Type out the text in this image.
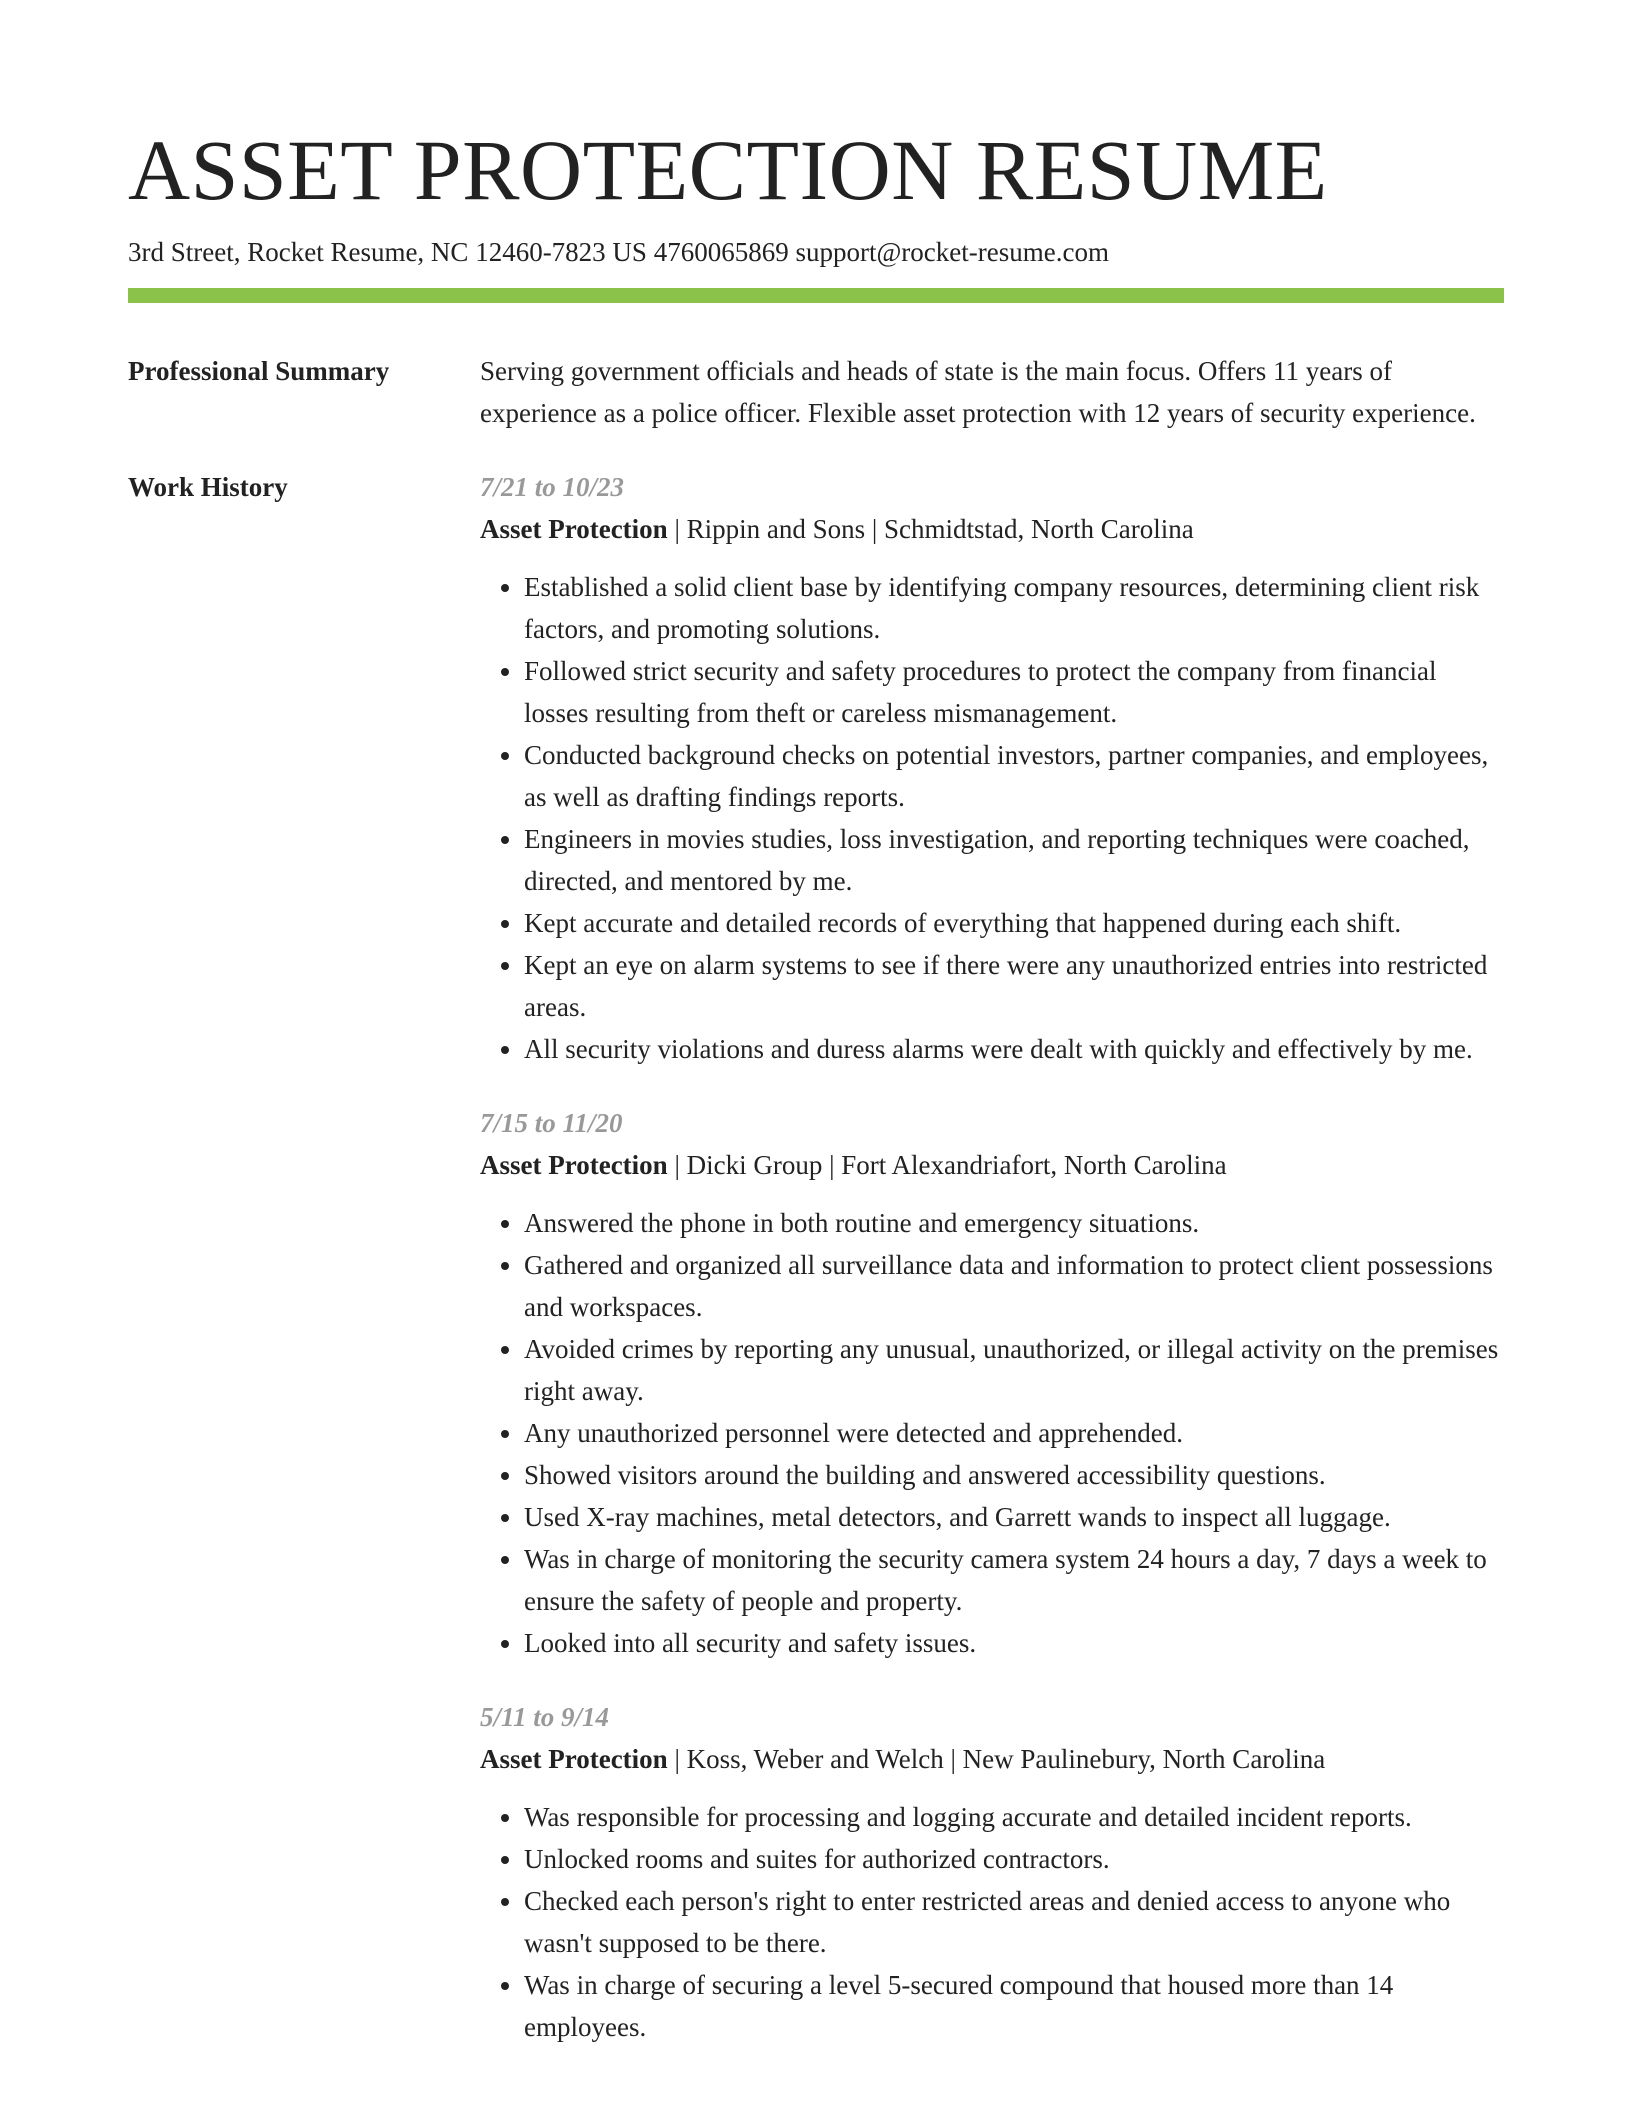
ASSET PROTECTION RESUME
3rd Street, Rocket Resume, NC 12460-7823 US 4760065869 support@rocket-resume.com
Professional Summary	Serving government officials and heads of state is the main focus. Offers 11 years of experience as a police officer. Flexible asset protection with 12 years of security experience.
Work History	7/21 to 10/23
Asset Protection | Rippin and Sons | Schmidtstad, North Carolina
• Established a solid client base by identifying company resources, determining client risk factors, and promoting solutions.
• Followed strict security and safety procedures to protect the company from financial losses resulting from theft or careless mismanagement.
• Conducted background checks on potential investors, partner companies, and employees, as well as drafting findings reports.
• Engineers in movies studies, loss investigation, and reporting techniques were coached, directed, and mentored by me.
• Kept accurate and detailed records of everything that happened during each shift.
• Kept an eye on alarm systems to see if there were any unauthorized entries into restricted areas.
• All security violations and duress alarms were dealt with quickly and effectively by me.
7/15 to 11/20
Asset Protection | Dicki Group | Fort Alexandriafort, North Carolina
• Answered the phone in both routine and emergency situations.
• Gathered and organized all surveillance data and information to protect client possessions and workspaces.
• Avoided crimes by reporting any unusual, unauthorized, or illegal activity on the premises right away.
• Any unauthorized personnel were detected and apprehended.
• Showed visitors around the building and answered accessibility questions.
• Used X-ray machines, metal detectors, and Garrett wands to inspect all luggage.
• Was in charge of monitoring the security camera system 24 hours a day, 7 days a week to ensure the safety of people and property.
• Looked into all security and safety issues.
5/11 to 9/14
Asset Protection | Koss, Weber and Welch | New Paulinebury, North Carolina
• Was responsible for processing and logging accurate and detailed incident reports.
• Unlocked rooms and suites for authorized contractors.
• Checked each person's right to enter restricted areas and denied access to anyone who wasn't supposed to be there.
• Was in charge of securing a level 5-secured compound that housed more than 14 employees.
